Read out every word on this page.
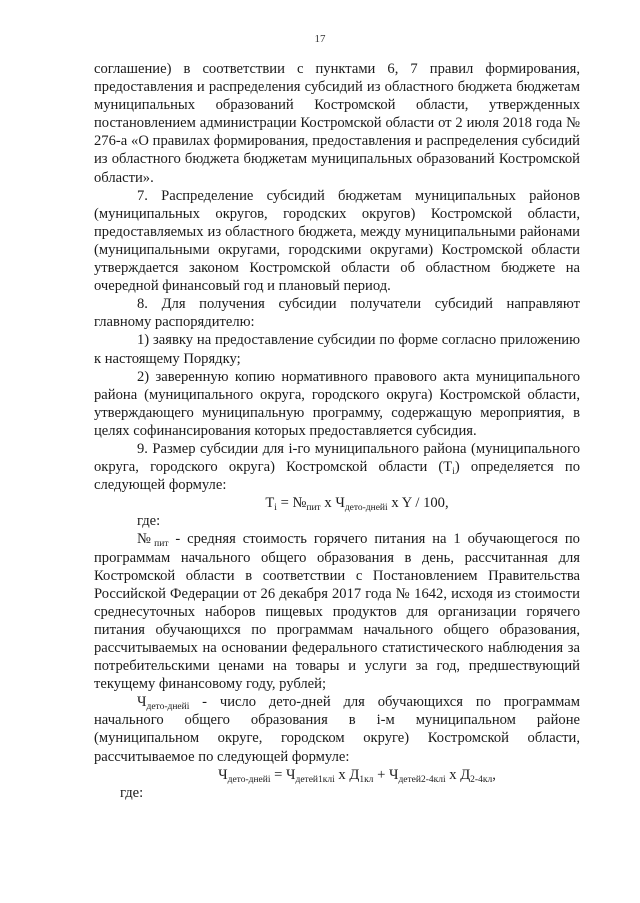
17

соглашение) в соответствии с пунктами 6, 7 правил формирования, предоставления и распределения субсидий из областного бюджета бюджетам муниципальных образований Костромской области, утвержденных постановлением администрации Костромской области от 2 июля 2018 года № 276-а «О правилах формирования, предоставления и распределения субсидий из областного бюджета бюджетам муниципальных образований Костромской области».

7. Распределение субсидий бюджетам муниципальных районов (муниципальных округов, городских округов) Костромской области, предоставляемых из областного бюджета, между муниципальными районами (муниципальными округами, городскими округами) Костромской области утверждается законом Костромской области об областном бюджете на очередной финансовый год и плановый период.

8. Для получения субсидии получатели субсидий направляют главному распорядителю:

1) заявку на предоставление субсидии по форме согласно приложению к настоящему Порядку;

2) заверенную копию нормативного правового акта муниципального района (муниципального округа, городского округа) Костромской области, утверждающего муниципальную программу, содержащую мероприятия, в целях софинансирования которых предоставляется субсидия.

9. Размер субсидии для i-го муниципального района (муниципального округа, городского округа) Костромской области $(T_i)$ определяется по следующей формуле:

$T_i$ = $№_{пит}$ x $Ч_{дето-днейi}$ x Y / 100,

где:

$№_{пит}$ - средняя стоимость горячего питания на 1 обучающегося по программам начального общего образования в день, рассчитанная для Костромской области в соответствии с Постановлением Правительства Российской Федерации от 26 декабря 2017 года № 1642, исходя из стоимости среднесуточных наборов пищевых продуктов для организации горячего питания обучающихся по программам начального общего образования, рассчитываемых на основании федерального статистического наблюдения за потребительскими ценами на товары и услуги за год, предшествующий текущему финансовому году, рублей;

$Ч_{дето-днейi}$ - число дето-дней для обучающихся по программам начального общего образования в i-м муниципальном районе (муниципальном округе, городском округе) Костромской области, рассчитываемое по следующей формуле:

$Ч_{дето-днейi} = Ч_{детей1клi}$ x $Д_{1кл} + Ч_{детей2-4клi}$ x $Д_{2-4кл}$,

где:
